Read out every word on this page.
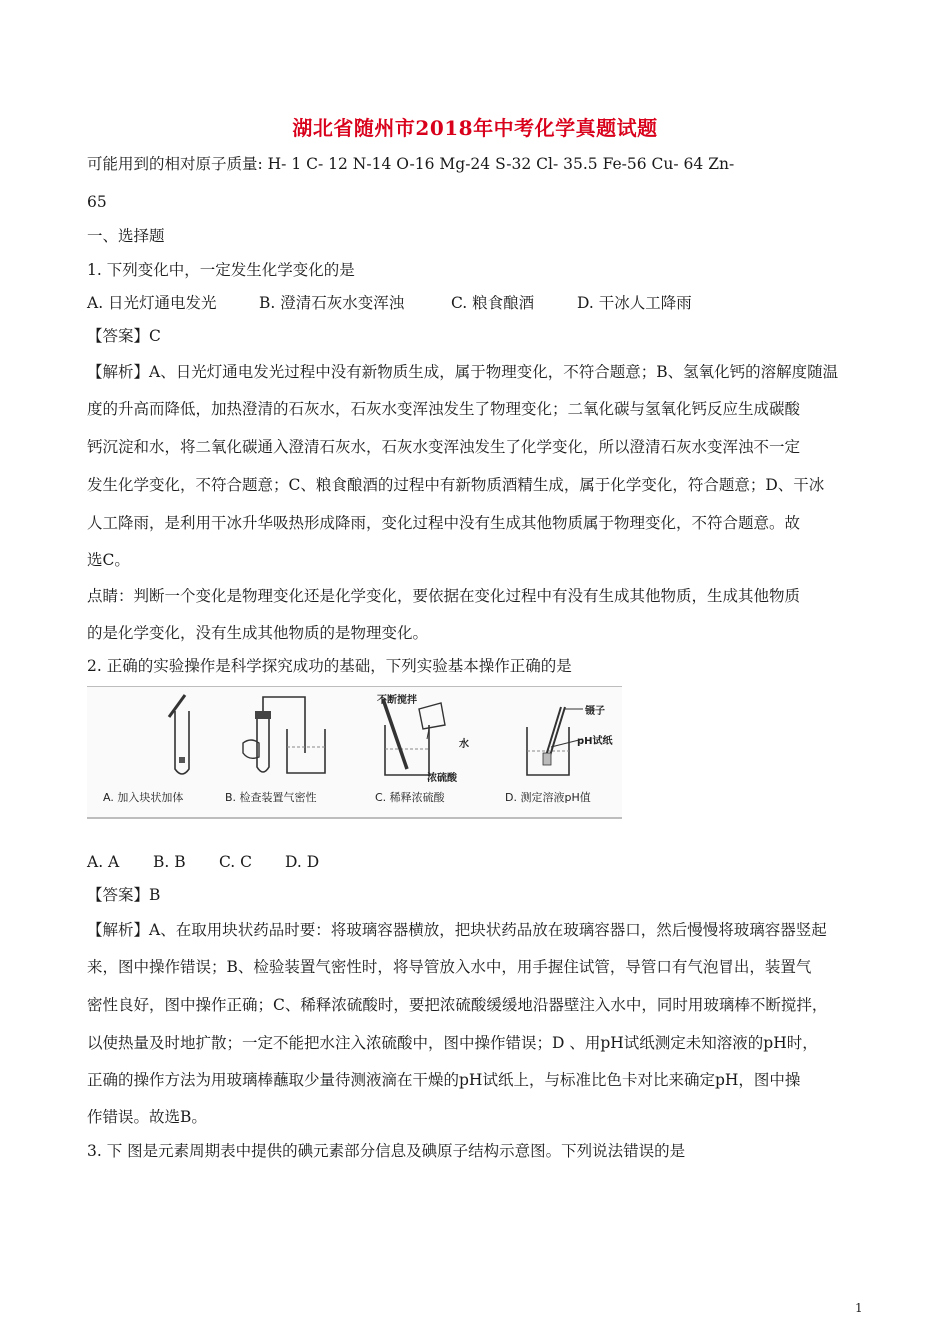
湖北省随州市2018年中考化学真题试题
可能用到的相对原子质量: H- 1 C- 12 N-14 O-16 Mg-24 S-32 Cl- 35.5 Fe-56 Cu- 64 Zn-
65
一、选择题
1. 下列变化中，一定发生化学变化的是
A. 日光灯通电发光	B. 澄清石灰水变浑浊	C. 粮食酿酒	D. 干冰人工降雨
【答案】C
【解析】A、日光灯通电发光过程中没有新物质生成，属于物理变化，不符合题意；B、氢氧化钙的溶解度随温
度的升高而降低，加热澄清的石灰水，石灰水变浑浊发生了物理变化；二氧化碳与氢氧化钙反应生成碳酸
钙沉淀和水，将二氧化碳通入澄清石灰水，石灰水变浑浊发生了化学变化，所以澄清石灰水变浑浊不一定
发生化学变化，不符合题意；C、粮食酿酒的过程中有新物质酒精生成，属于化学变化，符合题意；D、干冰
人工降雨，是利用干冰升华吸热形成降雨，变化过程中没有生成其他物质属于物理变化，不符合题意。故
选C。
点睛：判断一个变化是物理变化还是化学变化，要依据在变化过程中有没有生成其他物质，生成其他物质
的是化学变化，没有生成其他物质的是物理变化。
2. 正确的实验操作是科学探究成功的基础，下列实验基本操作正确的是
A. 加入块状加体	B. 检查装置气密性
不断搅拌
水
浓硫酸
C. 稀释浓硫酸
镊子
pH试纸
D. 测定溶液pH值
A. A B. B C. C D. D
【答案】B
【解析】A、在取用块状药品时要：将玻璃容器横放，把块状药品放在玻璃容器口，然后慢慢将玻璃容器竖起
来，图中操作错误；B、检验装置气密性时，将导管放入水中，用手握住试管，导管口有气泡冒出，装置气
密性良好，图中操作正确；C、稀释浓硫酸时，要把浓硫酸缓缓地沿器壁注入水中，同时用玻璃棒不断搅拌，
以使热量及时地扩散；一定不能把水注入浓硫酸中，图中操作错误；D 、用pH试纸测定未知溶液的pH时，
正确的操作方法为用玻璃棒蘸取少量待测液滴在干燥的pH试纸上，与标准比色卡对比来确定pH，图中操
作错误。故选B。
3. 下 图是元素周期表中提供的碘元素部分信息及碘原子结构示意图。下列说法错误的是
1
